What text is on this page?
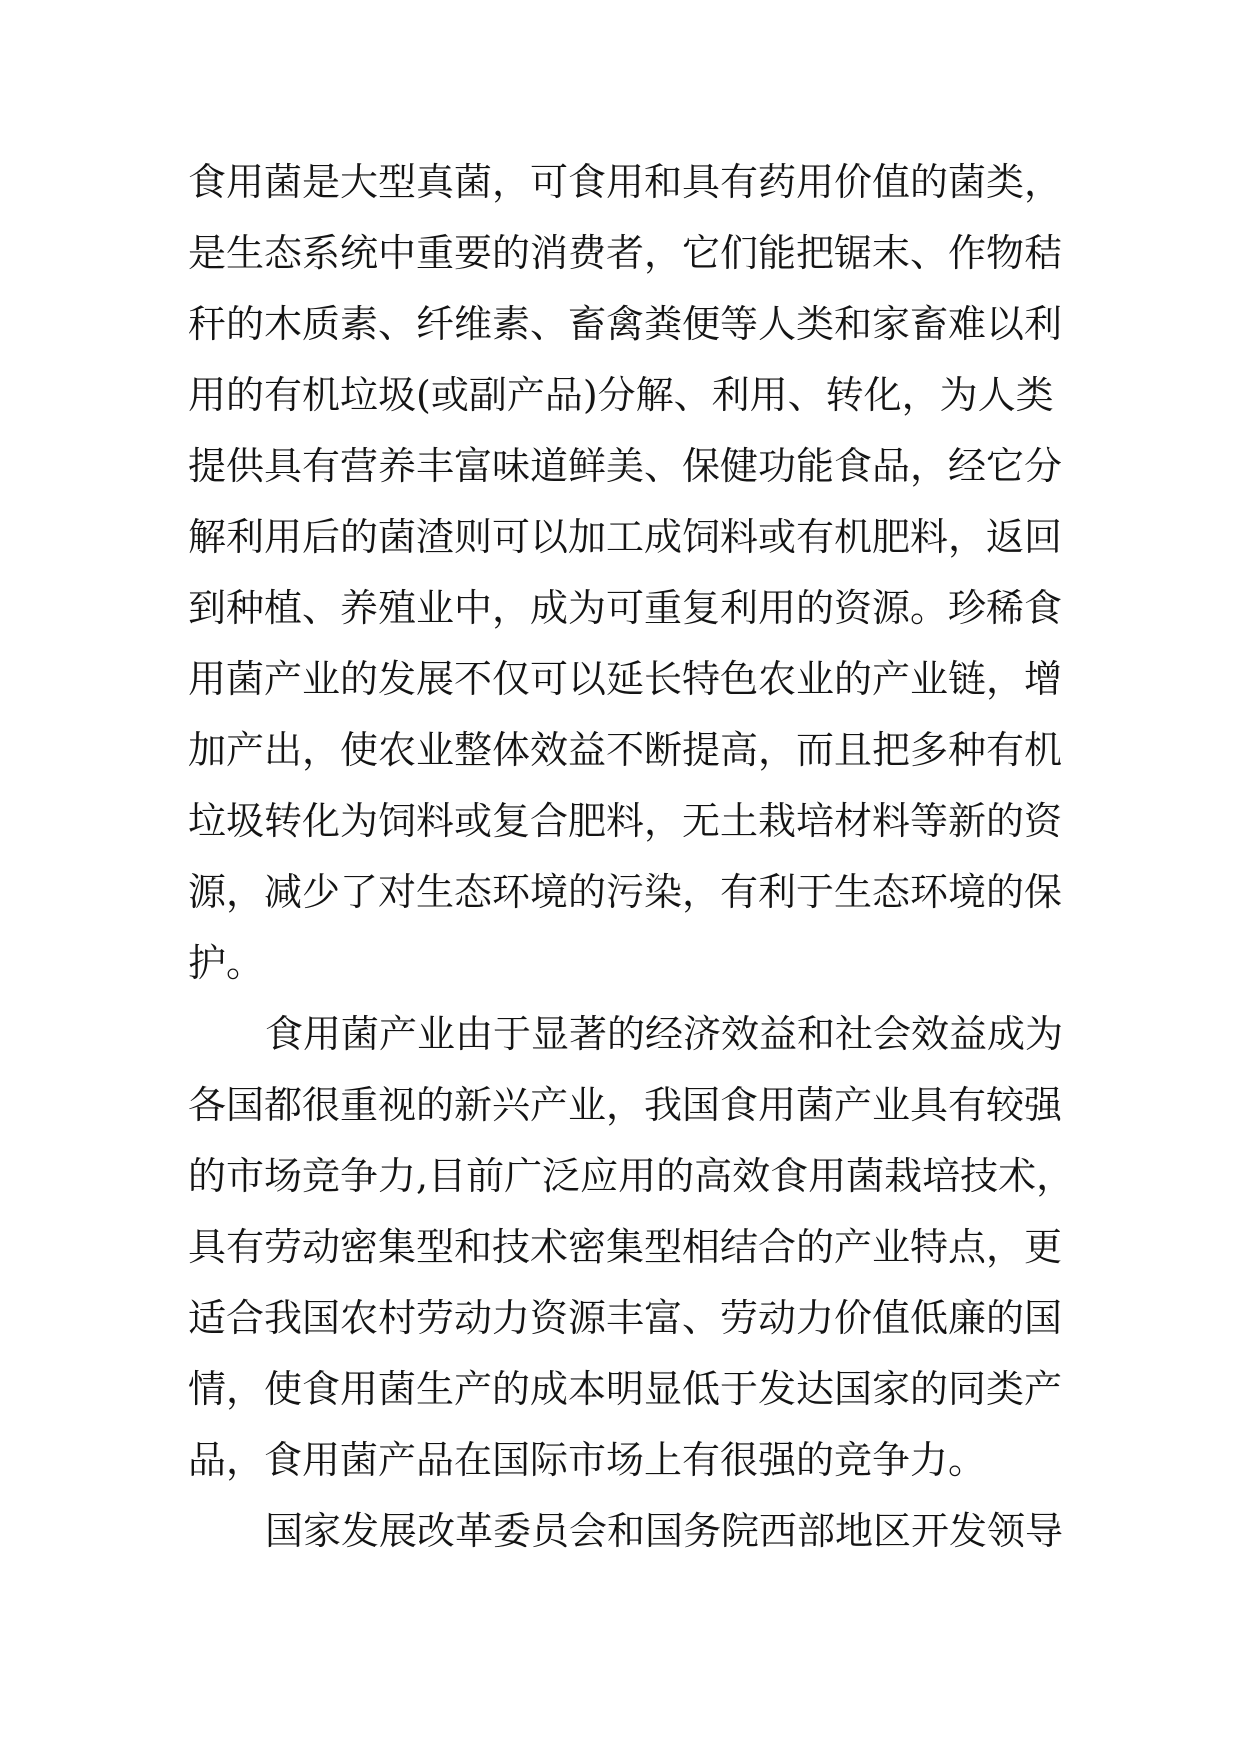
食用菌是大型真菌，可食用和具有药用价值的菌类，
是生态系统中重要的消费者，它们能把锯末、作物秸
秆的木质素、纤维素、畜禽粪便等人类和家畜难以利
用的有机垃圾(或副产品)分解、利用、转化，为人类
提供具有营养丰富味道鲜美、保健功能食品，经它分
解利用后的菌渣则可以加工成饲料或有机肥料，返回
到种植、养殖业中，成为可重复利用的资源。珍稀食
用菌产业的发展不仅可以延长特色农业的产业链，增
加产出，使农业整体效益不断提高，而且把多种有机
垃圾转化为饲料或复合肥料，无土栽培材料等新的资
源，减少了对生态环境的污染，有利于生态环境的保
护。
食用菌产业由于显著的经济效益和社会效益成为
各国都很重视的新兴产业，我国食用菌产业具有较强
的市场竞争力,目前广泛应用的高效食用菌栽培技术，
具有劳动密集型和技术密集型相结合的产业特点，更
适合我国农村劳动力资源丰富、劳动力价值低廉的国
情，使食用菌生产的成本明显低于发达国家的同类产
品，食用菌产品在国际市场上有很强的竞争力。
国家发展改革委员会和国务院西部地区开发领导
